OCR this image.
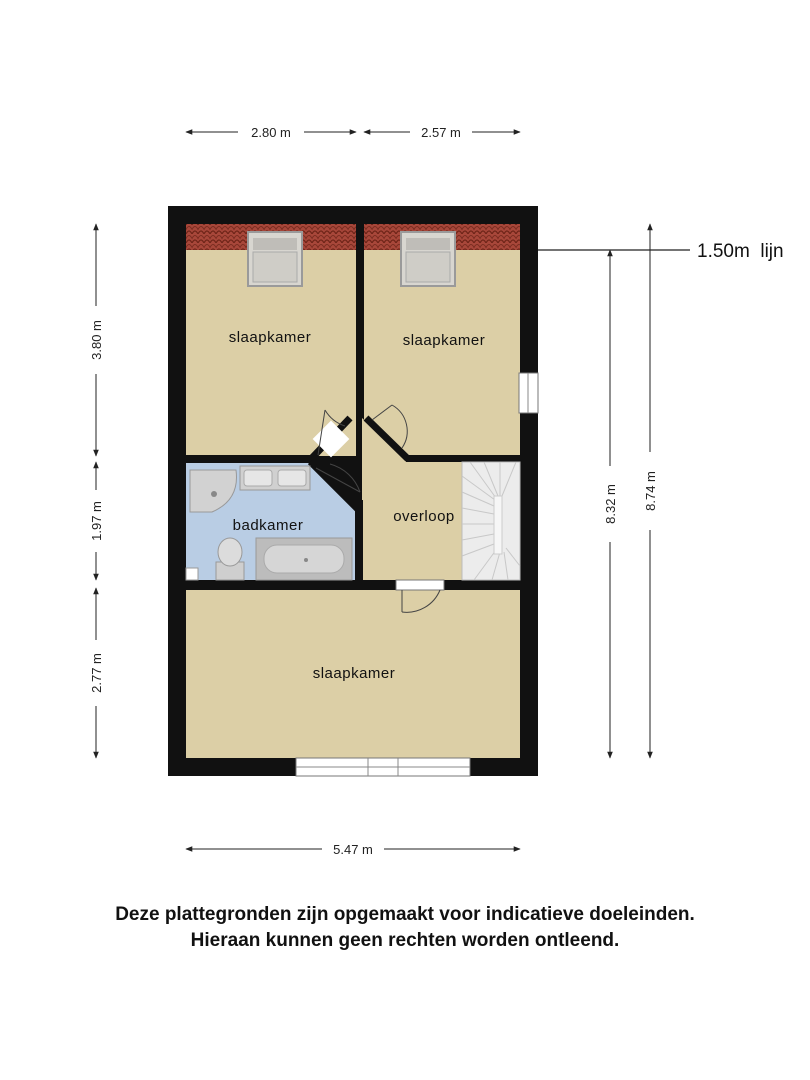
slaapkamer	slaapkamer
badkamer
overloop
slaapkamer
2.80 m	2.57 m
5.47 m
3.80 m
1.97 m
2.77 m
8.32 m 8.74 m
1.50m  lijn
Deze plattegronden zijn opgemaakt voor indicatieve doeleinden.
Hieraan kunnen geen rechten worden ontleend.
